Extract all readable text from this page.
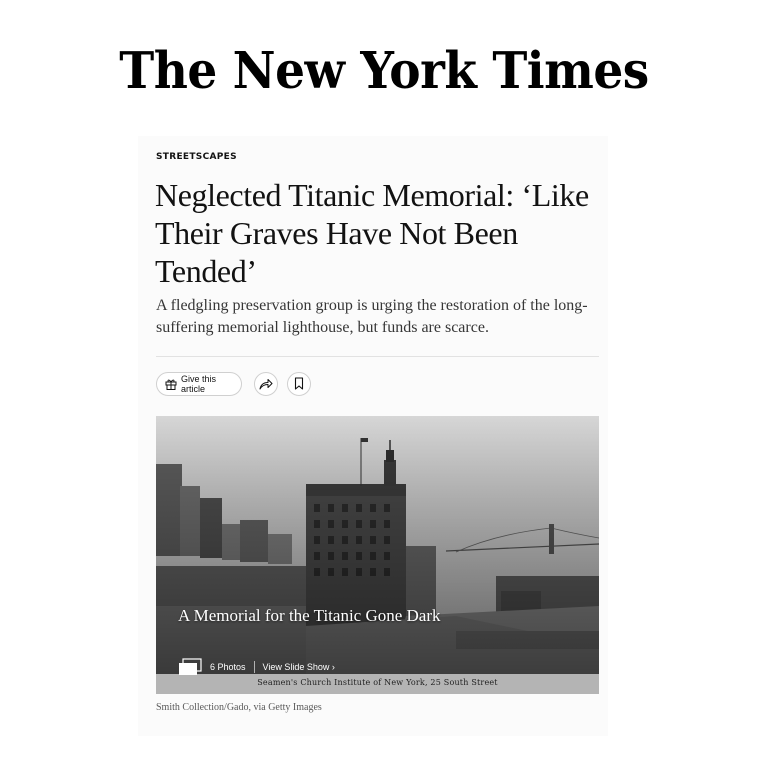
The New York Times
STREETSCAPES
Neglected Titanic Memorial: ‘Like Their Graves Have Not Been Tended’

A fledgling preservation group is urging the restoration of the long-suffering memorial lighthouse, but funds are scarce.

Give this article
A Memorial for the Titanic Gone Dark
6 Photos View Slide Show ›
Seamen's Church Institute of New York, 25 South Street
Smith Collection/Gado, via Getty Images
